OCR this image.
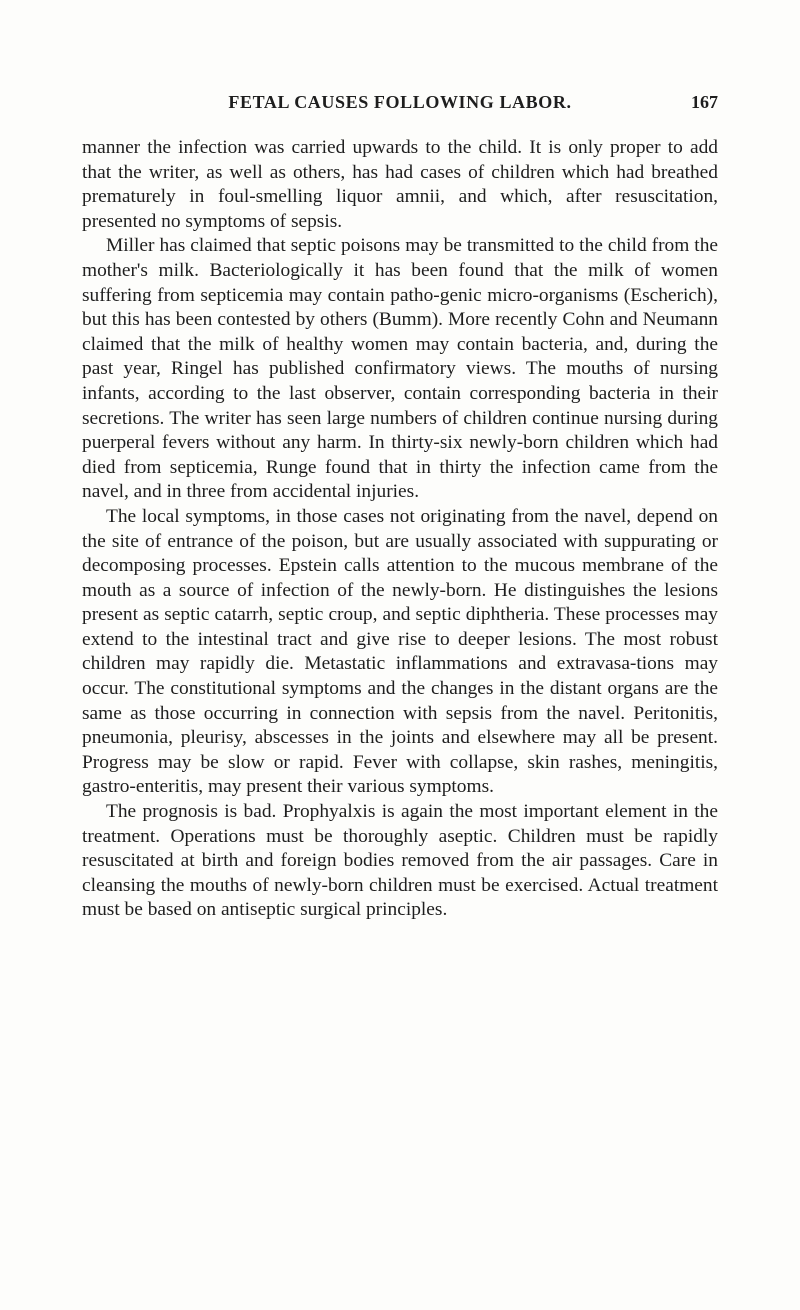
FETAL CAUSES FOLLOWING LABOR.	167

manner the infection was carried upwards to the child. It is only proper to add that the writer, as well as others, has had cases of children which had breathed prematurely in foul-smelling liquor amnii, and which, after resuscitation, presented no symptoms of sepsis.

Miller has claimed that septic poisons may be transmitted to the child from the mother's milk. Bacteriologically it has been found that the milk of women suffering from septicemia may contain patho-genic micro-organisms (Escherich), but this has been contested by others (Bumm). More recently Cohn and Neumann claimed that the milk of healthy women may contain bacteria, and, during the past year, Ringel has published confirmatory views. The mouths of nursing infants, according to the last observer, contain corresponding bacteria in their secretions. The writer has seen large numbers of children continue nursing during puerperal fevers without any harm. In thirty-six newly-born children which had died from septicemia, Runge found that in thirty the infection came from the navel, and in three from accidental injuries.

The local symptoms, in those cases not originating from the navel, depend on the site of entrance of the poison, but are usually associated with suppurating or decomposing processes. Epstein calls attention to the mucous membrane of the mouth as a source of infection of the newly-born. He distinguishes the lesions present as septic catarrh, septic croup, and septic diphtheria. These processes may extend to the intestinal tract and give rise to deeper lesions. The most robust children may rapidly die. Metastatic inflammations and extravasa-tions may occur. The constitutional symptoms and the changes in the distant organs are the same as those occurring in connection with sepsis from the navel. Peritonitis, pneumonia, pleurisy, abscesses in the joints and elsewhere may all be present. Progress may be slow or rapid. Fever with collapse, skin rashes, meningitis, gastro-enteritis, may present their various symptoms.

The prognosis is bad. Prophyalxis is again the most important element in the treatment. Operations must be thoroughly aseptic. Children must be rapidly resuscitated at birth and foreign bodies removed from the air passages. Care in cleansing the mouths of newly-born children must be exercised. Actual treatment must be based on antiseptic surgical principles.
